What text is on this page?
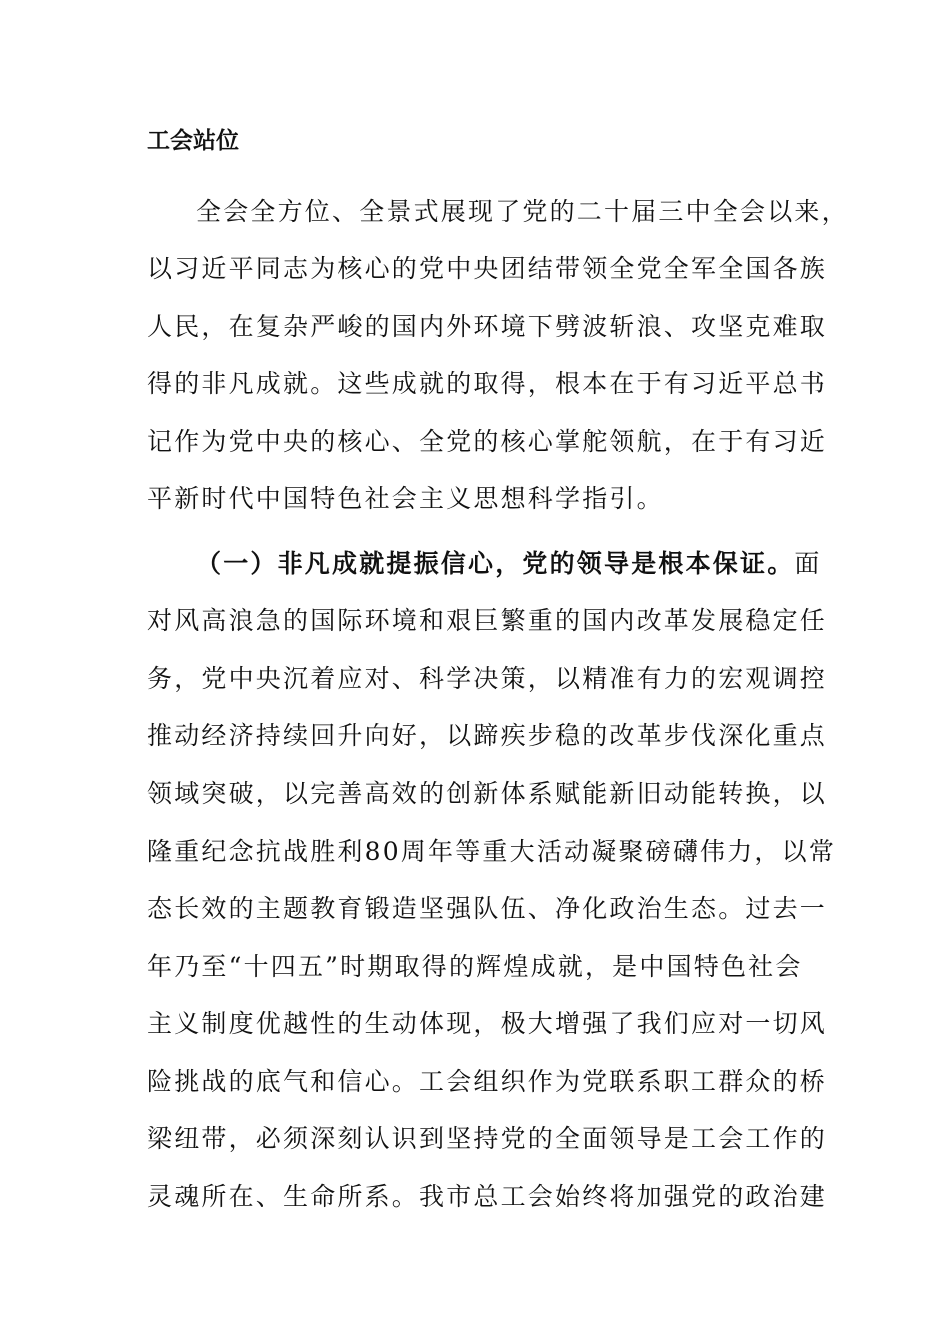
工会站位
全会全方位、全景式展现了党的二十届三中全会以来，
以习近平同志为核心的党中央团结带领全党全军全国各族
人民，在复杂严峻的国内外环境下劈波斩浪、攻坚克难取
得的非凡成就。这些成就的取得，根本在于有习近平总书
记作为党中央的核心、全党的核心掌舵领航，在于有习近
平新时代中国特色社会主义思想科学指引。
（一）非凡成就提振信心，党的领导是根本保证。面
对风高浪急的国际环境和艰巨繁重的国内改革发展稳定任
务，党中央沉着应对、科学决策，以精准有力的宏观调控
推动经济持续回升向好，以蹄疾步稳的改革步伐深化重点
领域突破，以完善高效的创新体系赋能新旧动能转换，以
隆重纪念抗战胜利80周年等重大活动凝聚磅礴伟力，以常
态长效的主题教育锻造坚强队伍、净化政治生态。过去一
年乃至“十四五”时期取得的辉煌成就，是中国特色社会
主义制度优越性的生动体现，极大增强了我们应对一切风
险挑战的底气和信心。工会组织作为党联系职工群众的桥
梁纽带，必须深刻认识到坚持党的全面领导是工会工作的
灵魂所在、生命所系。我市总工会始终将加强党的政治建
